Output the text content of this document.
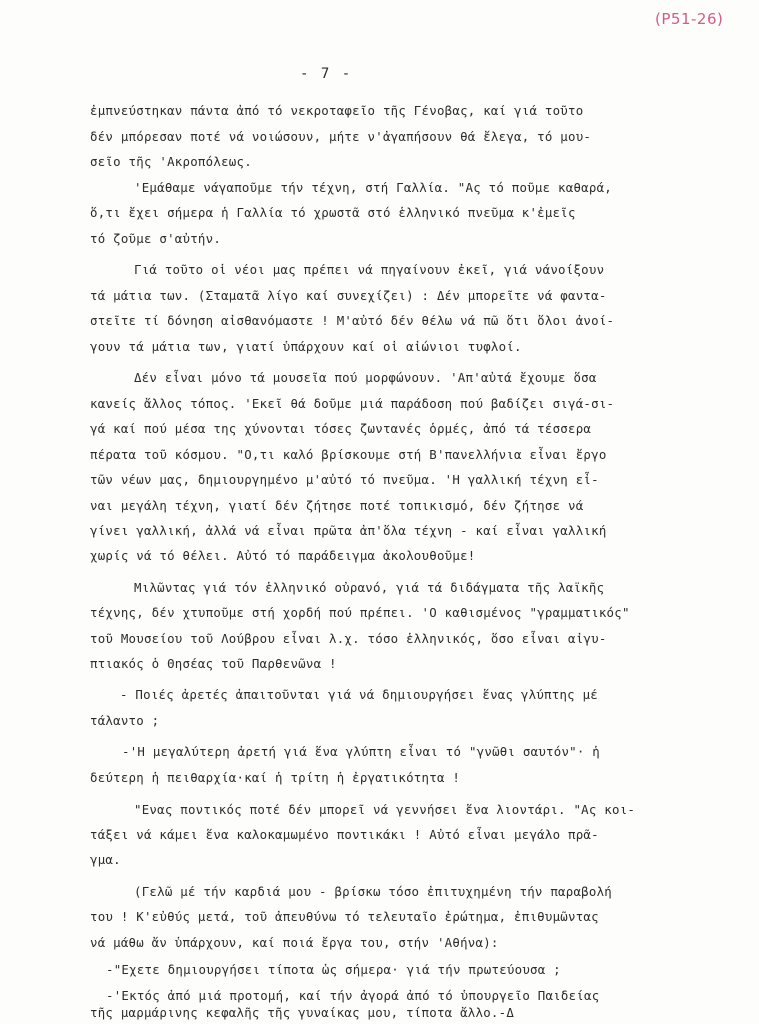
(Ρ51-26)
- 7 -
ἐμπνεύστηκαν πάντα ἀπό τό νεκροταφεῖο τῆς Γένοβας, καί γιά τοῦτο
δέν μπόρεσαν ποτέ νά νοιώσουν, μήτε ν'ἀγαπήσουν θά ἔλεγα, τό μου-
σεῖο τῆς 'Ακροπόλεως.
'Εμάθαμε νάγαποῦμε τήν τέχνη, στή Γαλλία. "Ας τό ποῦμε καθαρά,
ὅ,τι ἔχει σήμερα ἡ Γαλλία τό χρωστᾶ στό ἑλληνικό πνεῦμα κ'ἐμεῖς
τό ζοῦμε σ'αὐτήν.
Γιά τοῦτο οἱ νέοι μας πρέπει νά πηγαίνουν ἐκεῖ, γιά νάνοίξουν
τά μάτια των. (Σταματᾶ λίγο καί συνεχίζει) : Δέν μπορεῖτε νά φαντα-
στεῖτε τί δόνηση αἰσθανόμαστε ! Μ'αὐτό δέν θέλω νά πῶ ὅτι ὅλοι ἀνοί-
γουν τά μάτια των, γιατί ὑπάρχουν καί οἱ αἰώνιοι τυφλοί.
Δέν εἶναι μόνο τά μουσεῖα πού μορφώνουν. 'Απ'αὐτά ἔχουμε ὅσα
κανείς ἄλλος τόπος. 'Εκεῖ θά δοῦμε μιά παράδοση πού βαδίζει σιγά-σι-
γά καί πού μέσα της χύνονται τόσες ζωντανές ὁρμές, ἀπό τά τέσσερα
πέρατα τοῦ κόσμου. "Ο,τι καλό βρίσκουμε στή Β'πανελλήνια εἶναι ἔργο
τῶν νέων μας, δημιουργημένο μ'αὐτό τό πνεῦμα. 'Η γαλλική τέχνη εἶ-
ναι μεγάλη τέχνη, γιατί δέν ζήτησε ποτέ τοπικισμό, δέν ζήτησε νά
γίνει γαλλική, ἀλλά νά εἶναι πρῶτα ἀπ'ὅλα τέχνη - καί εἶναι γαλλική
χωρίς νά τό θέλει. Αὐτό τό παράδειγμα ἀκολουθοῦμε!
Μιλῶντας γιά τόν ἑλληνικό οὐρανό, γιά τά διδάγματα τῆς λαϊκῆς
τέχνης, δέν χτυποῦμε στή χορδή πού πρέπει. 'Ο καθισμένος "γραμματικός"
τοῦ Μουσείου τοῦ Λούβρου εἶναι λ.χ. τόσο ἑλληνικός, ὅσο εἶναι αἰγυ-
πτιακός ὁ Θησέας τοῦ Παρθενῶνα !
- Ποιές ἀρετές ἀπαιτοῦνται γιά νά δημιουργήσει ἕνας γλύπτης μέ
τάλαντο ;
-'Η μεγαλύτερη ἀρετή γιά ἕνα γλύπτη εἶναι τό "γνῶθι σαυτόν"· ἡ
δεύτερη ἡ πειθαρχία·καί ἡ τρίτη ἡ ἐργατικότητα !
"Ενας ποντικός ποτέ δέν μπορεῖ νά γεννήσει ἕνα λιοντάρι. "Ας κοι-
τάξει νά κάμει ἕνα καλοκαμωμένο ποντικάκι ! Αὐτό εἶναι μεγάλο πρᾶ-
γμα.
(Γελῶ μέ τήν καρδιά μου - βρίσκω τόσο ἐπιτυχημένη τήν παραβολή
του ! Κ'εὐθύς μετά, τοῦ ἀπευθύνω τό τελευταῖο ἐρώτημα, ἐπιθυμῶντας
νά μάθω ἄν ὑπάρχουν, καί ποιά ἔργα του, στήν 'Αθήνα):
-"Εχετε δημιουργήσει τίποτα ὡς σήμερα· γιά τήν πρωτεύουσα ;
-'Εκτός ἀπό μιά προτομή, καί τήν ἀγορά ἀπό τό ὑπουργεῖο Παιδείας
τῆς μαρμάρινης κεφαλῆς τῆς γυναίκας μου, τίποτα ἄλλο.-Δ
